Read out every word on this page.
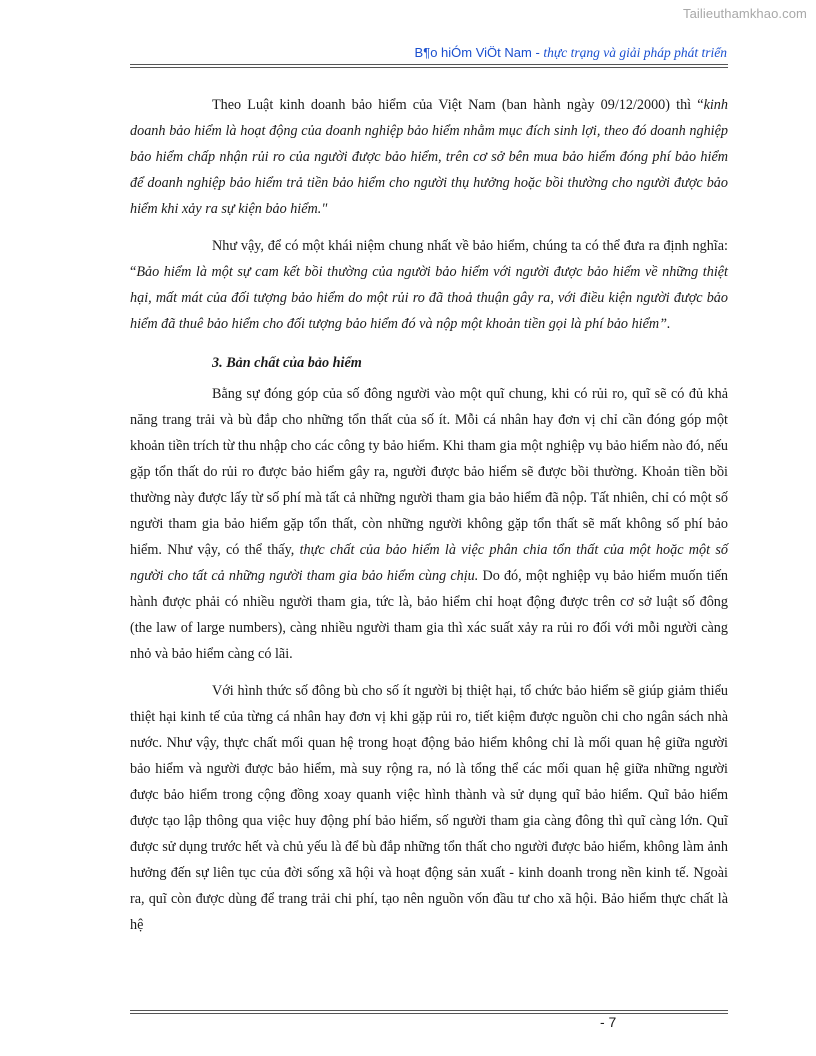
Tailieuthamkhao.com
B¶o hiÓm ViÖt Nam - thực trạng và giải pháp phát triển

Theo Luật kinh doanh bảo hiểm của Việt Nam (ban hành ngày 09/12/2000) thì “kinh doanh bảo hiểm là hoạt động của doanh nghiệp bảo hiểm nhằm mục đích sinh lợi, theo đó doanh nghiệp bảo hiểm chấp nhận rủi ro của người được bảo hiểm, trên cơ sở bên mua bảo hiểm đóng phí bảo hiểm để doanh nghiệp bảo hiểm trả tiền bảo hiểm cho người thụ hưởng hoặc bồi thường cho người được bảo hiểm khi xảy ra sự kiện bảo hiểm."

Như vậy, để có một khái niệm chung nhất về bảo hiểm, chúng ta có thể đưa ra định nghĩa: “Bảo hiểm là một sự cam kết bồi thường của người bảo hiểm với người được bảo hiểm về những thiệt hại, mất mát của đối tượng bảo hiểm do một rủi ro đã thoả thuận gây ra, với điều kiện người được bảo hiểm đã thuê bảo hiểm cho đối tượng bảo hiểm đó và nộp một khoản tiền gọi là phí bảo hiểm”.

3. Bản chất của bảo hiểm

Bằng sự đóng góp của số đông người vào một quĩ chung, khi có rủi ro, quĩ sẽ có đủ khả năng trang trải và bù đắp cho những tổn thất của số ít. Mỗi cá nhân hay đơn vị chỉ cần đóng góp một khoản tiền trích từ thu nhập cho các công ty bảo hiểm. Khi tham gia một nghiệp vụ bảo hiểm nào đó, nếu gặp tổn thất do rủi ro được bảo hiểm gây ra, người được bảo hiểm sẽ được bồi thường. Khoản tiền bồi thường này được lấy từ số phí mà tất cả những người tham gia bảo hiểm đã nộp. Tất nhiên, chỉ có một số người tham gia bảo hiểm gặp tổn thất, còn những người không gặp tổn thất sẽ mất không số phí bảo hiểm. Như vậy, có thể thấy, thực chất của bảo hiểm là việc phân chia tổn thất của một hoặc một số người cho tất cả những người tham gia bảo hiểm cùng chịu. Do đó, một nghiệp vụ bảo hiểm muốn tiến hành được phải có nhiều người tham gia, tức là, bảo hiểm chỉ hoạt động được trên cơ sở luật số đông (the law of large numbers), càng nhiều người tham gia thì xác suất xảy ra rủi ro đối với mỗi người càng nhỏ và bảo hiểm càng có lãi.

Với hình thức số đông bù cho số ít người bị thiệt hại, tổ chức bảo hiểm sẽ giúp giảm thiểu thiệt hại kinh tế của từng cá nhân hay đơn vị khi gặp rủi ro, tiết kiệm được nguồn chi cho ngân sách nhà nước. Như vậy, thực chất mối quan hệ trong hoạt động bảo hiểm không chỉ là mối quan hệ giữa người bảo hiểm và người được bảo hiểm, mà suy rộng ra, nó là tổng thể các mối quan hệ giữa những người được bảo hiểm trong cộng đồng xoay quanh việc hình thành và sử dụng quĩ bảo hiểm. Quĩ bảo hiểm được tạo lập thông qua việc huy động phí bảo hiểm, số người tham gia càng đông thì quĩ càng lớn. Quĩ được sử dụng trước hết và chủ yếu là để bù đắp những tổn thất cho người được bảo hiểm, không làm ảnh hưởng đến sự liên tục của đời sống xã hội và hoạt động sản xuất - kinh doanh trong nền kinh tế. Ngoài ra, quĩ còn được dùng để trang trải chi phí, tạo nên nguồn vốn đầu tư cho xã hội. Bảo hiểm thực chất là hệ

- 7
